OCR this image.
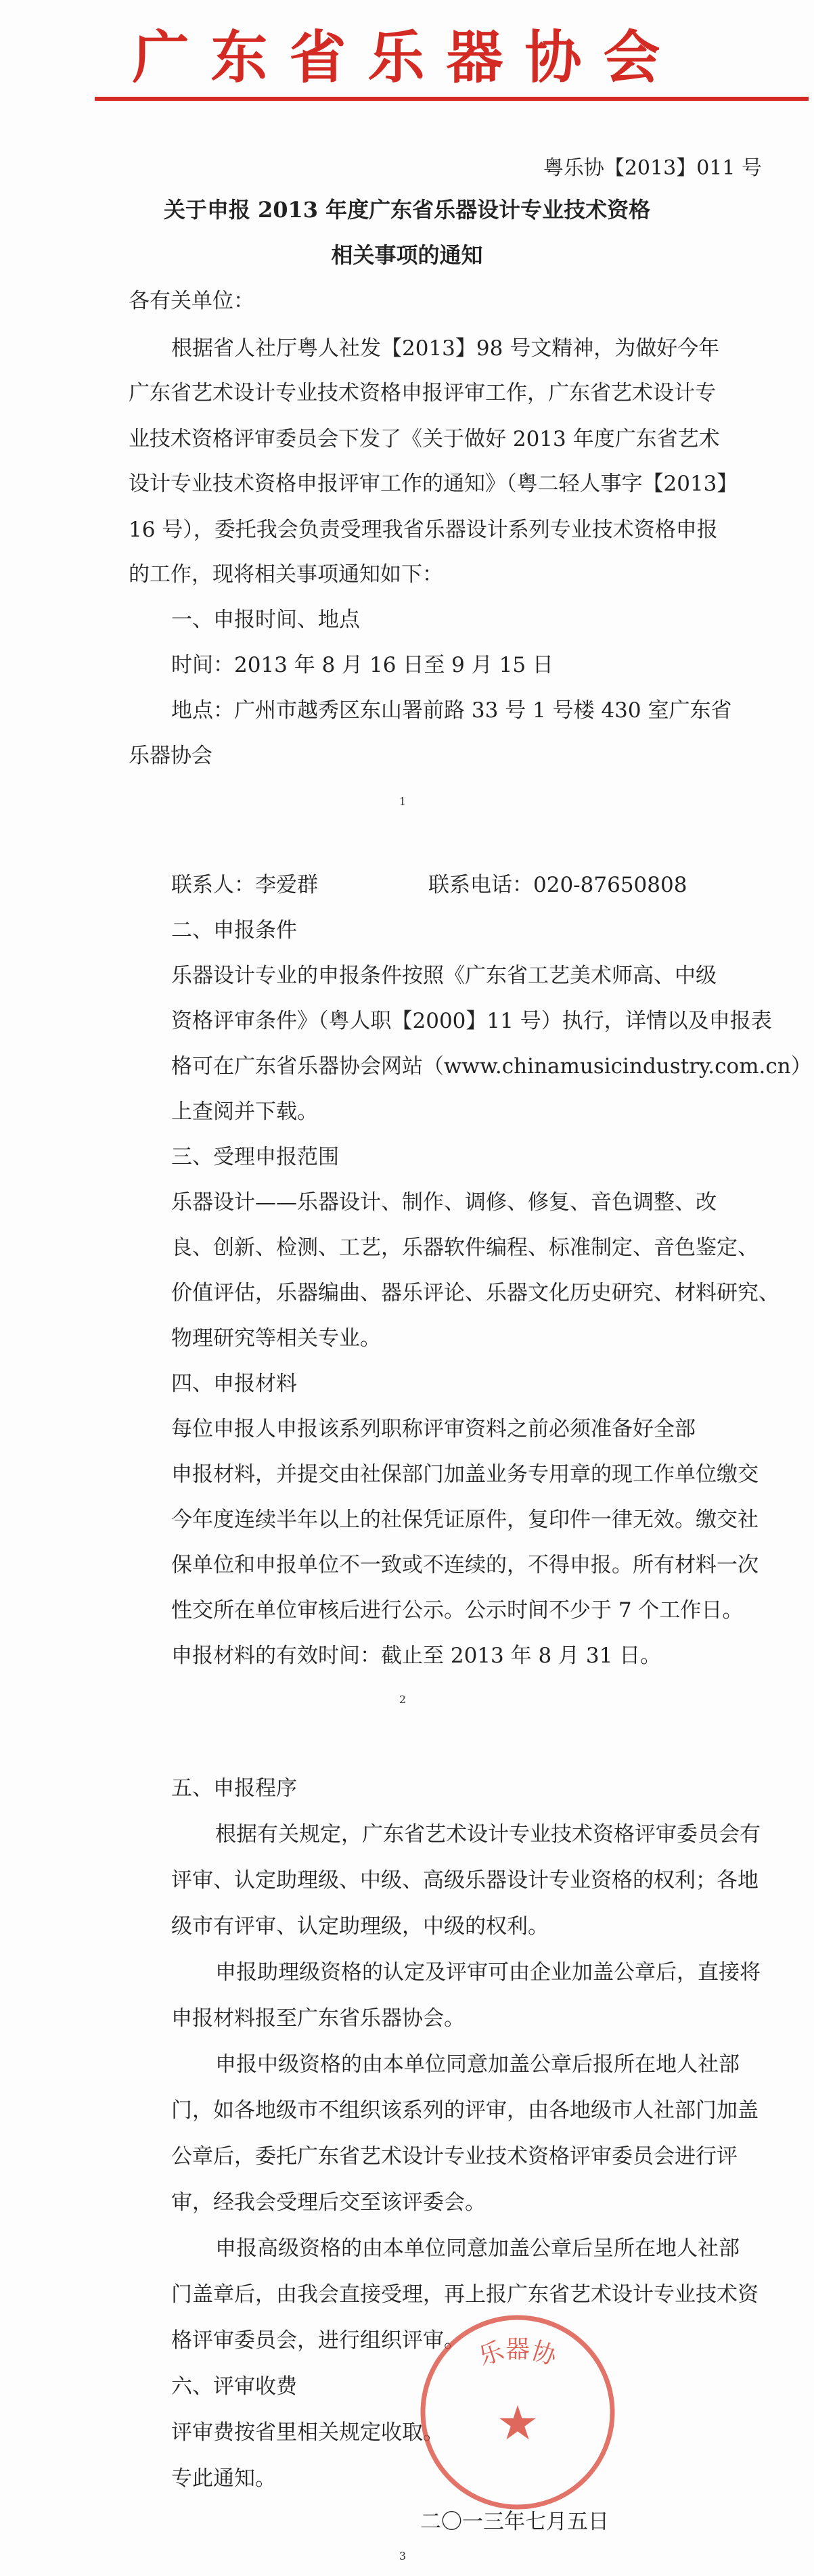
广东省乐器协会
粤乐协【2013】011 号
关于申报 2013 年度广东省乐器设计专业技术资格
相关事项的通知
各有关单位：
根据省人社厅粤人社发【2013】98 号文精神，为做好今年
广东省艺术设计专业技术资格申报评审工作，广东省艺术设计专
业技术资格评审委员会下发了《关于做好 2013 年度广东省艺术
设计专业技术资格申报评审工作的通知》（粤二轻人事字【2013】
16 号），委托我会负责受理我省乐器设计系列专业技术资格申报
的工作，现将相关事项通知如下：
一、申报时间、地点
时间：2013 年 8 月 16 日至 9 月 15 日
地点：广州市越秀区东山署前路 33 号 1 号楼 430 室广东省
乐器协会
1
联系人：李爱群	联系电话：020-87650808
二、申报条件
乐器设计专业的申报条件按照《广东省工艺美术师高、中级
资格评审条件》（粤人职【2000】11 号）执行，详情以及申报表
格可在广东省乐器协会网站（www.chinamusicindustry.com.cn）
上查阅并下载。
三、受理申报范围
乐器设计——乐器设计、制作、调修、修复、音色调整、改
良、创新、检测、工艺，乐器软件编程、标准制定、音色鉴定、
价值评估，乐器编曲、器乐评论、乐器文化历史研究、材料研究、
物理研究等相关专业。
四、申报材料
每位申报人申报该系列职称评审资料之前必须准备好全部
申报材料，并提交由社保部门加盖业务专用章的现工作单位缴交
今年度连续半年以上的社保凭证原件，复印件一律无效。缴交社
保单位和申报单位不一致或不连续的，不得申报。所有材料一次
性交所在单位审核后进行公示。公示时间不少于 7 个工作日。
申报材料的有效时间：截止至 2013 年 8 月 31 日。
2
五、申报程序
根据有关规定，广东省艺术设计专业技术资格评审委员会有
评审、认定助理级、中级、高级乐器设计专业资格的权利；各地
级市有评审、认定助理级，中级的权利。
申报助理级资格的认定及评审可由企业加盖公章后，直接将
申报材料报至广东省乐器协会。
申报中级资格的由本单位同意加盖公章后报所在地人社部
门，如各地级市不组织该系列的评审，由各地级市人社部门加盖
公章后，委托广东省艺术设计专业技术资格评审委员会进行评
审，经我会受理后交至该评委会。
申报高级资格的由本单位同意加盖公章后呈所在地人社部
门盖章后，由我会直接受理，再上报广东省艺术设计专业技术资
格评审委员会，进行组织评审。
六、评审收费
评审费按省里相关规定收取。
专此通知。
乐器协
★
二〇一三年七月五日
3
